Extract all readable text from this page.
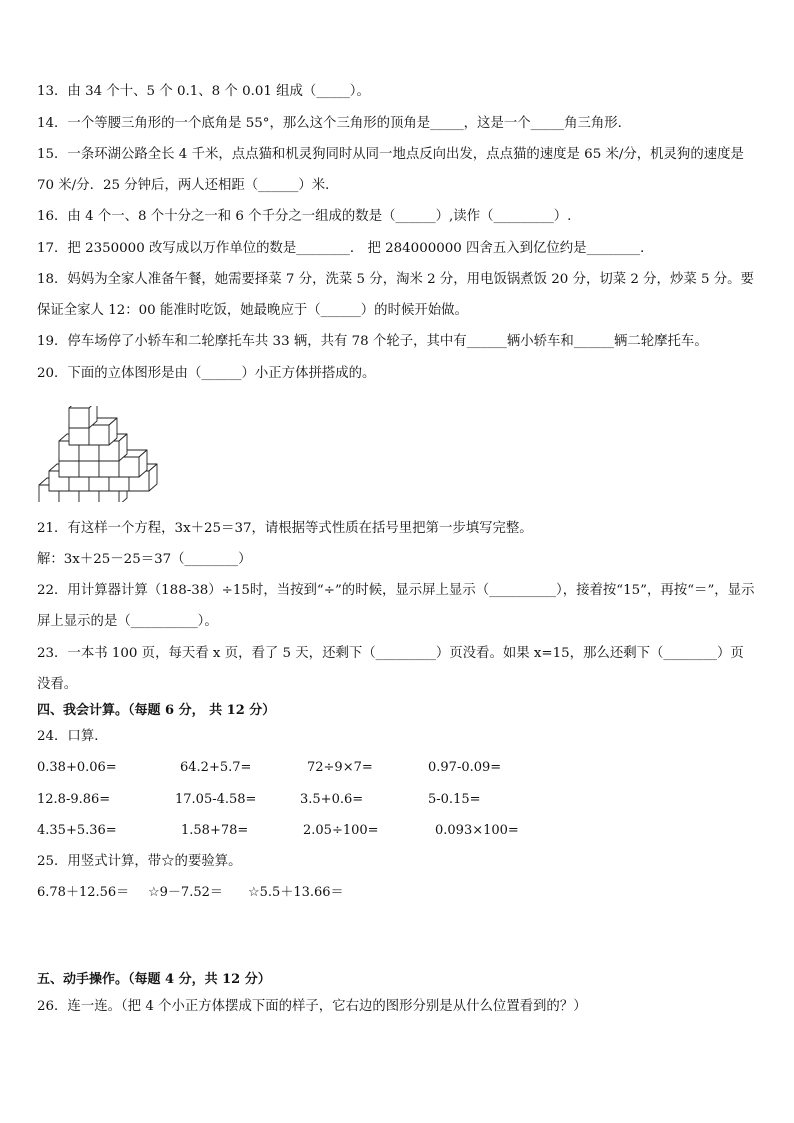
13．由 34 个十、5 个 0.1、8 个 0.01 组成（_____）。
14．一个等腰三角形的一个底角是 55°，那么这个三角形的顶角是_____，这是一个_____角三角形．
15．一条环湖公路全长 4 千米，点点猫和机灵狗同时从同一地点反向出发，点点猫的速度是 65 米/分，机灵狗的速度是
70 米/分．25 分钟后，两人还相距（______）米．
16．由 4 个一、8 个十分之一和 6 个千分之一组成的数是（______）,读作（_________）.
17．把 2350000 改写成以万作单位的数是________． 把 284000000 四舍五入到亿位约是________．
18．妈妈为全家人准备午餐，她需要择菜 7 分，洗菜 5 分，淘米 2 分，用电饭锅煮饭 20 分，切菜 2 分，炒菜 5 分。要
保证全家人 12：00 能准时吃饭，她最晚应于（______）的时候开始做。
19．停车场停了小轿车和二轮摩托车共 33 辆，共有 78 个轮子，其中有______辆小轿车和______辆二轮摩托车。
20．下面的立体图形是由（______）小正方体拼搭成的。
21．有这样一个方程，3x＋25＝37，请根据等式性质在括号里把第一步填写完整。
解：3x＋25－25＝37（________）
22．用计算器计算（188-38）÷15时，当按到“÷”的时候，显示屏上显示（__________），接着按“15”，再按“＝”，显示
屏上显示的是（__________）。
23．一本书 100 页，每天看 x 页，看了 5 天，还剩下（_________）页没看。如果 x=15，那么还剩下（________）页
没看。
四、我会计算。（每题 6 分， 共 12 分）
24．口算．
0.38+0.06=	64.2+5.7=	72÷9×7=	0.97-0.09=
12.8-9.86=	17.05-4.58=	3.5+0.6=	5-0.15=
4.35+5.36=	1.58+78=	2.05÷100=	0.093×100=
25．用竖式计算，带☆的要验算。
6.78＋12.56＝ ☆9－7.52＝ ☆5.5＋13.66＝
五、动手操作。（每题 4 分，共 12 分）
26．连一连。（把 4 个小正方体摆成下面的样子，它右边的图形分别是从什么位置看到的？）
